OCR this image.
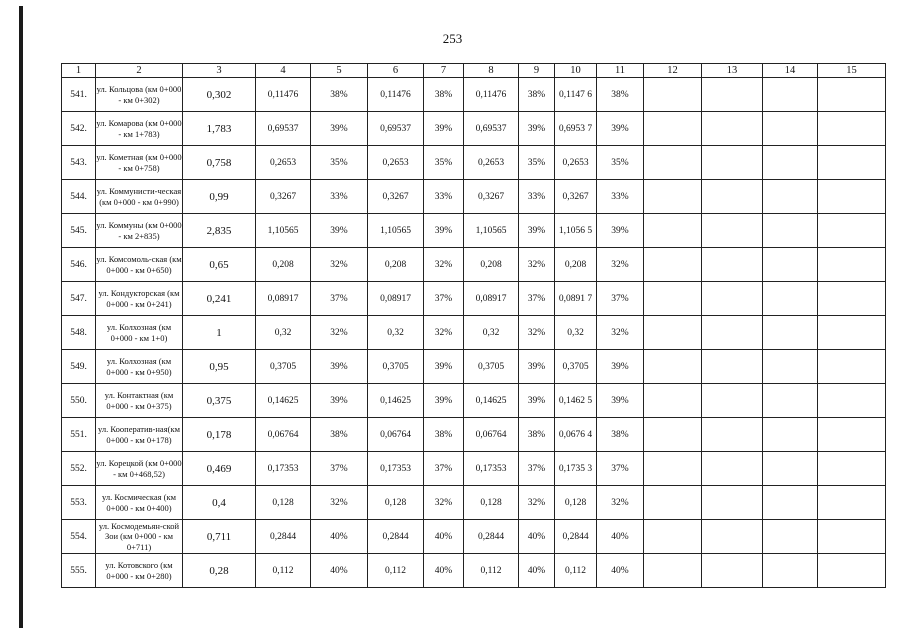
253
1	2	3	4	5	6	7	8	9	10	11	12	13	14	15
541.	ул. Кольцова (км 0+000 - км 0+302)	0,302	0,11476	38%	0,11476	38%	0,11476	38%	0,1147 6	38%				
542.	ул. Комарова (км 0+000 - км 1+783)	1,783	0,69537	39%	0,69537	39%	0,69537	39%	0,6953 7	39%				
543.	ул. Кометная (км 0+000 - км 0+758)	0,758	0,2653	35%	0,2653	35%	0,2653	35%	0,2653	35%				
544.	ул. Коммунисти-ческая (км 0+000 - км 0+990)	0,99	0,3267	33%	0,3267	33%	0,3267	33%	0,3267	33%				
545.	ул. Коммуны (км 0+000 - км 2+835)	2,835	1,10565	39%	1,10565	39%	1,10565	39%	1,1056 5	39%				
546.	ул. Комсомоль-ская (км 0+000 - км 0+650)	0,65	0,208	32%	0,208	32%	0,208	32%	0,208	32%				
547.	ул. Кондукторская (км 0+000 - км 0+241)	0,241	0,08917	37%	0,08917	37%	0,08917	37%	0,0891 7	37%				
548.	ул. Колхозная (км 0+000 - км 1+0)	1	0,32	32%	0,32	32%	0,32	32%	0,32	32%				
549.	ул. Колхозная (км 0+000 - км 0+950)	0,95	0,3705	39%	0,3705	39%	0,3705	39%	0,3705	39%				
550.	ул. Контактная (км 0+000 - км 0+375)	0,375	0,14625	39%	0,14625	39%	0,14625	39%	0,1462 5	39%				
551.	ул. Кооператив-ная(км 0+000 - км 0+178)	0,178	0,06764	38%	0,06764	38%	0,06764	38%	0,0676 4	38%				
552.	ул. Корецкой (км 0+000 - км 0+468,52)	0,469	0,17353	37%	0,17353	37%	0,17353	37%	0,1735 3	37%				
553.	ул. Космическая (км 0+000 - км 0+400)	0,4	0,128	32%	0,128	32%	0,128	32%	0,128	32%				
554.	ул. Космодемьян-ской Зои (км 0+000 - км 0+711)	0,711	0,2844	40%	0,2844	40%	0,2844	40%	0,2844	40%				
555.	ул. Котовского (км 0+000 - км 0+280)	0,28	0,112	40%	0,112	40%	0,112	40%	0,112	40%				
